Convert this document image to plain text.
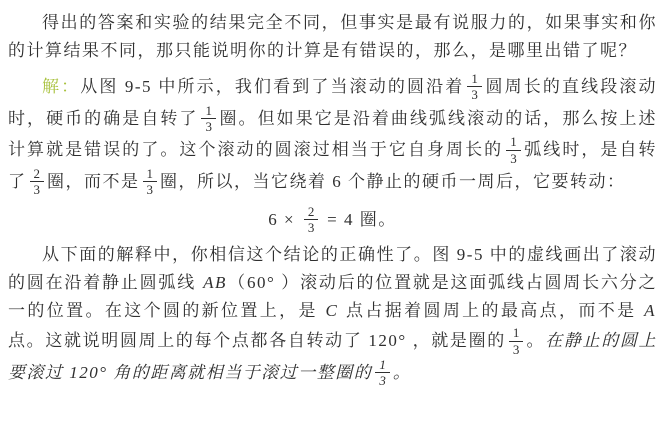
得出的答案和实验的结果完全不同，但事实是最有说服力的，如果事实和你的计算结果不同，那只能说明你的计算是有错误的，那么，是哪里出错了呢？

解：从图 9-5 中所示，我们看到了当滚动的圆沿着 $\frac{1}{3}$ 圆周长的直线段滚动时，硬币的确是自转了 $\frac{1}{3}$ 圈。但如果它是沿着曲线弧线滚动的话，那么按上述计算就是错误的了。这个滚动的圆滚过相当于它自身周长的 $\frac{1}{3}$ 弧线时，是自转了 $\frac{2}{3}$ 圈，而不是 $\frac{1}{3}$ 圈，所以，当它绕着 6 个静止的硬币一周后，它要转动：

$6 \times \frac{2}{3} = 4$ 圈。

从下面的解释中，你相信这个结论的正确性了。图 9-5 中的虚线画出了滚动的圆在沿着静止圆弧线 AB（60° ）滚动后的位置就是这面弧线占圆周长六分之一的位置。在这个圆的新位置上，是 C 点占据着圆周上的最高点，而不是 A 点。这就说明圆周上的每个点都各自转动了 120° ，就是圈的 $\frac{1}{3}$ 。在静止的圆上要滚过 120° 角的距离就相当于滚过一整圈的 $\frac{1}{3}$ 。
